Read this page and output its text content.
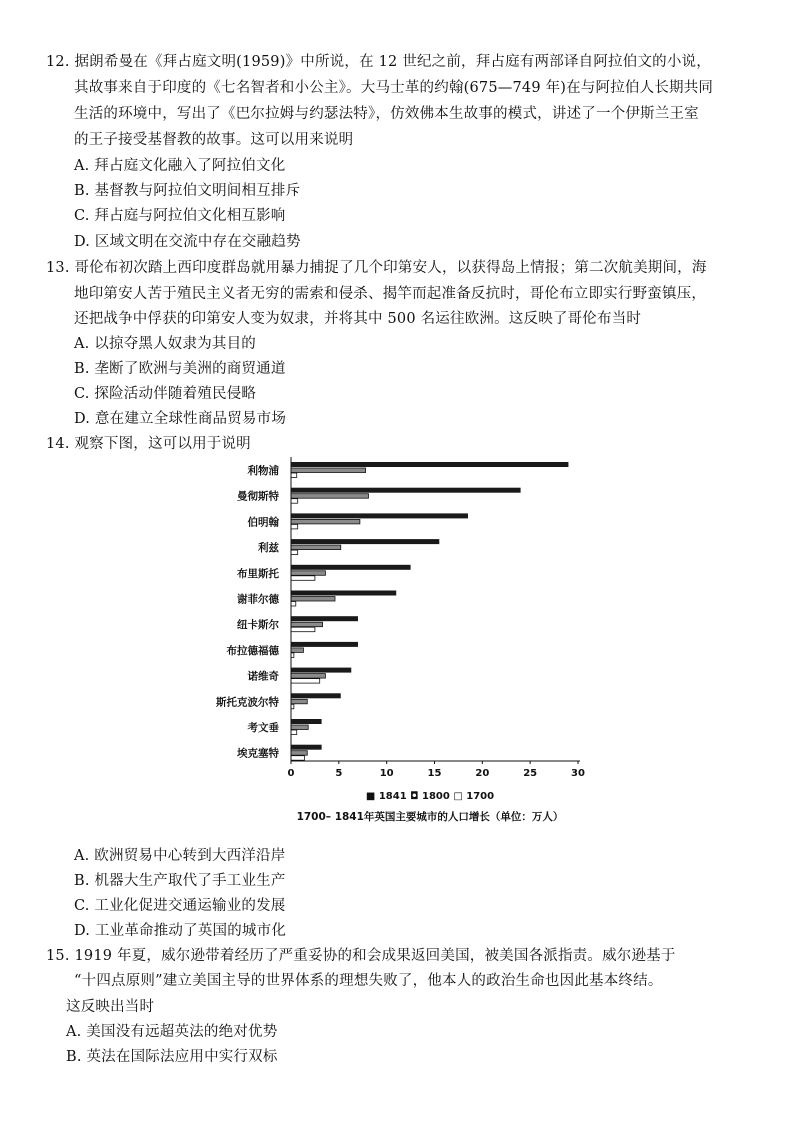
12. 据朗希曼在《拜占庭文明(1959)》中所说，在 12 世纪之前，拜占庭有两部译自阿拉伯文的小说，
其故事来自于印度的《七名智者和小公主》。大马士革的约翰(675—749 年)在与阿拉伯人长期共同
生活的环境中，写出了《巴尔拉姆与约瑟法特》，仿效佛本生故事的模式，讲述了一个伊斯兰王室
的王子接受基督教的故事。这可以用来说明
A. 拜占庭文化融入了阿拉伯文化
B. 基督教与阿拉伯文明间相互排斥
C. 拜占庭与阿拉伯文化相互影响
D. 区域文明在交流中存在交融趋势
13. 哥伦布初次踏上西印度群岛就用暴力捕捉了几个印第安人，以获得岛上情报；第二次航美期间，海
地印第安人苦于殖民主义者无穷的需索和侵杀、揭竿而起准备反抗时，哥伦布立即实行野蛮镇压，
还把战争中俘获的印第安人变为奴隶，并将其中 500 名运往欧洲。这反映了哥伦布当时
A. 以掠夺黑人奴隶为其目的
B. 垄断了欧洲与美洲的商贸通道
C. 探险活动伴随着殖民侵略
D. 意在建立全球性商品贸易市场
14. 观察下图，这可以用于说明
利物浦
曼彻斯特
伯明翰
利兹
布里斯托
谢菲尔德
纽卡斯尔
布拉德福德
诺维奇
斯托克波尔特
考文垂
埃克塞特
0	5	10	15	20	25	30
■ 1841 ◘ 1800 □ 1700
1700– 1841年英国主要城市的人口增长（单位：万人）
A. 欧洲贸易中心转到大西洋沿岸
B. 机器大生产取代了手工业生产
C. 工业化促进交通运输业的发展
D. 工业革命推动了英国的城市化
15. 1919 年夏，威尔逊带着经历了严重妥协的和会成果返回美国，被美国各派指责。威尔逊基于
“十四点原则”建立美国主导的世界体系的理想失败了，他本人的政治生命也因此基本终结。
这反映出当时
A. 美国没有远超英法的绝对优势
B. 英法在国际法应用中实行双标
